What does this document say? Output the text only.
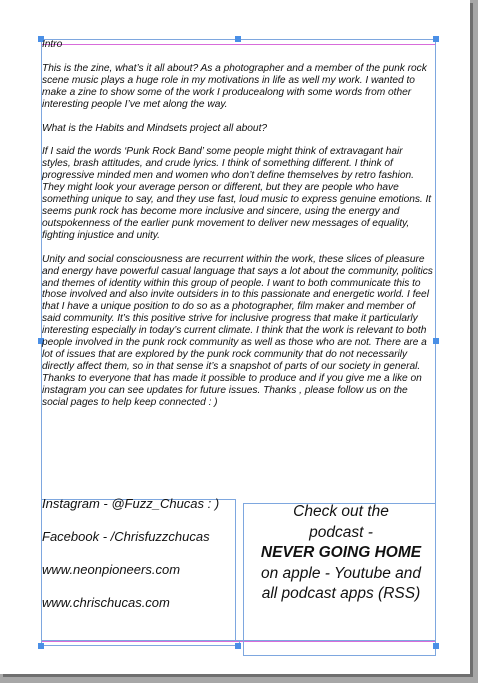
Intro

This is the zine, what’s it all about? As a photographer and a member of the punk rock scene music plays a huge role in my motivations in life as well my work. I wanted to make a zine to show some of the work I producealong with some words from other interesting people I’ve met along the way.

What is the Habits and Mindsets project all about?

If I said the words ‘Punk Rock Band’ some people might think of extravagant hair styles, brash attitudes, and crude lyrics. I think of something different. I think of progressive minded men and women who don’t define themselves by retro fashion. They might look your average person or different, but they are people who have something unique to say, and they use fast, loud music to express genuine emotions. It seems punk rock has become more inclusive and sincere, using the energy and outspokenness of the earlier punk movement to deliver new messages of equality, fighting injustice and unity.

Unity and social consciousness are recurrent within the work, these slices of pleasure and energy have powerful casual language that says a lot about the community, politics and themes of identity within this group of people. I want to both communicate this to those involved and also invite outsiders in to this passionate and energetic world. I feel that I have a unique position to do so as a photographer, film maker and member of said community. It’s this positive strive for inclusive progress that make it particularly interesting especially in today’s current climate. I think that the work is relevant to both people involved in the punk rock community as well as those who are not. There are a lot of issues that are explored by the punk rock community that do not necessarily directly affect them, so in that sense it’s a snapshot of parts of our society in general.  Thanks to everyone that has made it possible to produce and if you give me a like on instagram you can see updates for future issues. Thanks , please follow us on the social pages to help keep connected : )

Instagram - @Fuzz_Chucas : )

Facebook - /Chrisfuzzchucas

www.neonpioneers.com

www.chrischucas.com

Check out the
podcast -
NEVER GOING HOME
on apple - Youtube and
all podcast apps (RSS)
